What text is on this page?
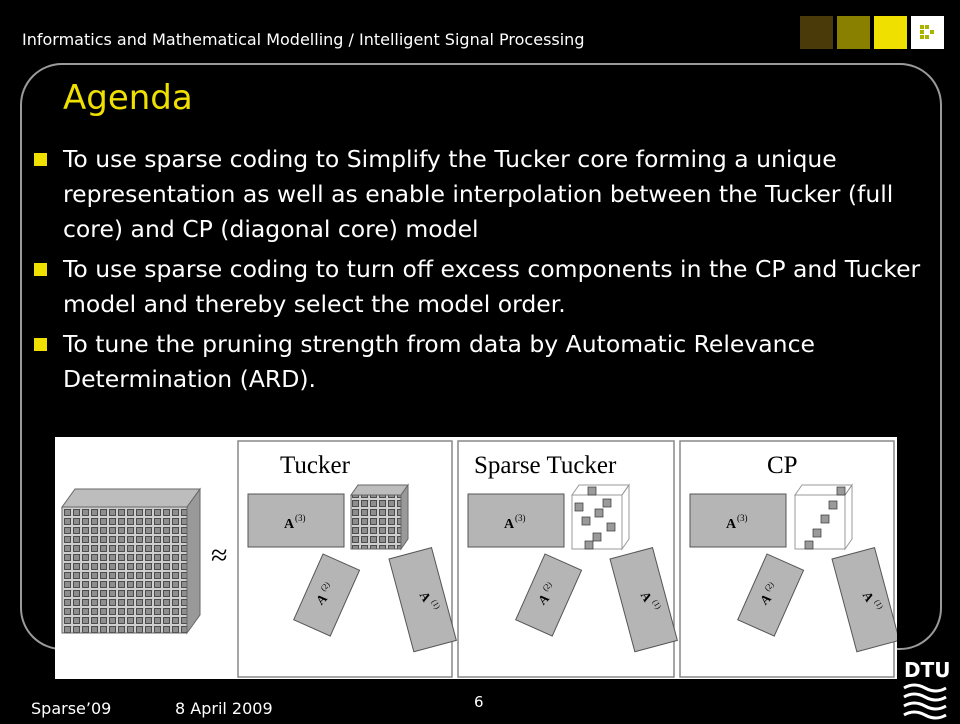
Informatics and Mathematical Modelling / Intelligent Signal Processing
Agenda
To use sparse coding to Simplify the Tucker core forming a unique representation as well as enable interpolation between the Tucker (full core) and CP (diagonal core) model
To use sparse coding to turn off excess components in the CP and Tucker model and thereby select the model order.
To tune the pruning strength from data by Automatic Relevance Determination (ARD).
≈
Tucker
A (3)
A
(2)
A
(1)
Sparse Tucker
A (3)
A
(2)
A
(1)
CP
A (3)
A
(2)
A
(1)
Sparse’09	8 April 2009	6
DTU
